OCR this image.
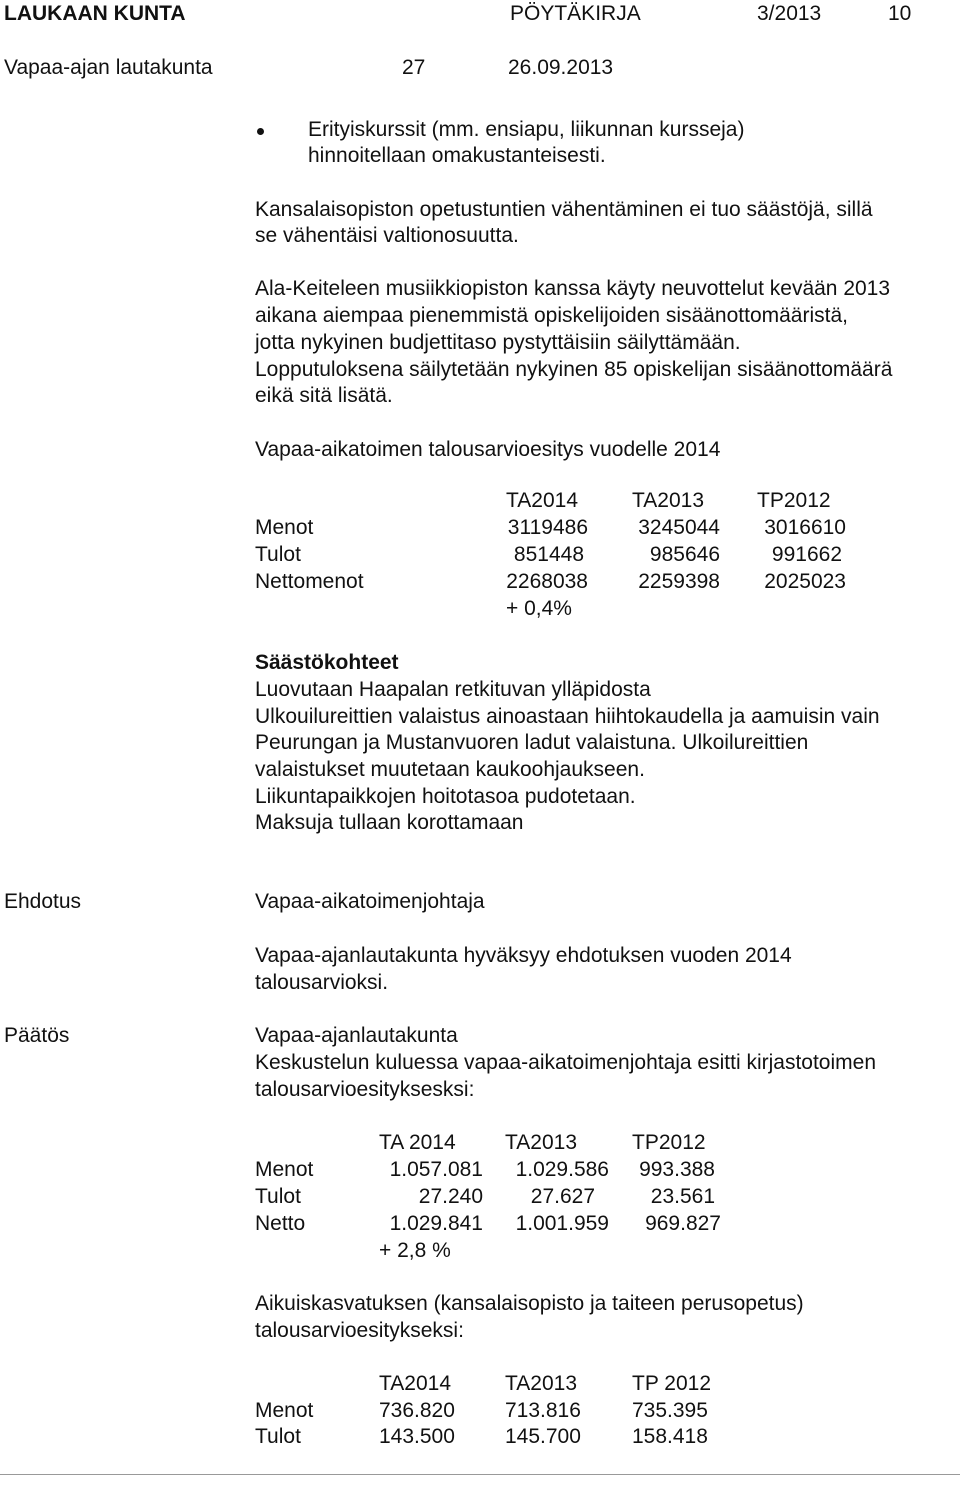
LAUKAAN KUNTA	PÖYTÄKIRJA	3/2013	10
Vapaa-ajan lautakunta	27	26.09.2013
Erityiskurssit (mm. ensiapu, liikunnan kursseja)
hinnoitellaan omakustanteisesti.
Kansalaisopiston opetustuntien vähentäminen ei tuo säästöjä, sillä
se vähentäisi valtionosuutta.
Ala-Keiteleen musiikkiopiston kanssa käyty neuvottelut kevään 2013
aikana aiempaa pienemmistä opiskelijoiden sisäänottomääristä,
jotta nykyinen budjettitaso pystyttäisiin säilyttämään.
Lopputuloksena säilytetään nykyinen 85 opiskelijan sisäänottomäärä
eikä sitä lisätä.
Vapaa-aikatoimen talousarvioesitys vuodelle 2014
TA2014	TA2013	TP2012
Menot	3119486	3245044	3016610
Tulot	851448	985646	991662
Nettomenot	2268038	2259398	2025023
+ 0,4%
Säästökohteet
Luovutaan Haapalan retkituvan ylläpidosta
Ulkouilureittien valaistus ainoastaan hiihtokaudella ja aamuisin vain
Peurungan ja Mustanvuoren ladut valaistuna. Ulkoilureittien
valaistukset muutetaan kaukoohjaukseen.
Liikuntapaikkojen hoitotasoa pudotetaan.
Maksuja tullaan korottamaan
Ehdotus	Vapaa-aikatoimenjohtaja
Vapaa-ajanlautakunta hyväksyy ehdotuksen vuoden 2014
talousarvioksi.
Päätös	Vapaa-ajanlautakunta
Keskustelun kuluessa vapaa-aikatoimenjohtaja esitti kirjastotoimen
talousarvioesityksesksi:
TA 2014 TA2013	TP2012
Menot	1.057.081	1.029.586	993.388
Tulot	27.240	27.627	23.561
Netto	1.029.841	1.001.959	969.827
+ 2,8 %
Aikuiskasvatuksen (kansalaisopisto ja taiteen perusopetus)
talousarvioesitykseksi:
TA2014	TA2013	TP 2012
Menot	736.820 713.816 735.395
Tulot	143.500 145.700 158.418
